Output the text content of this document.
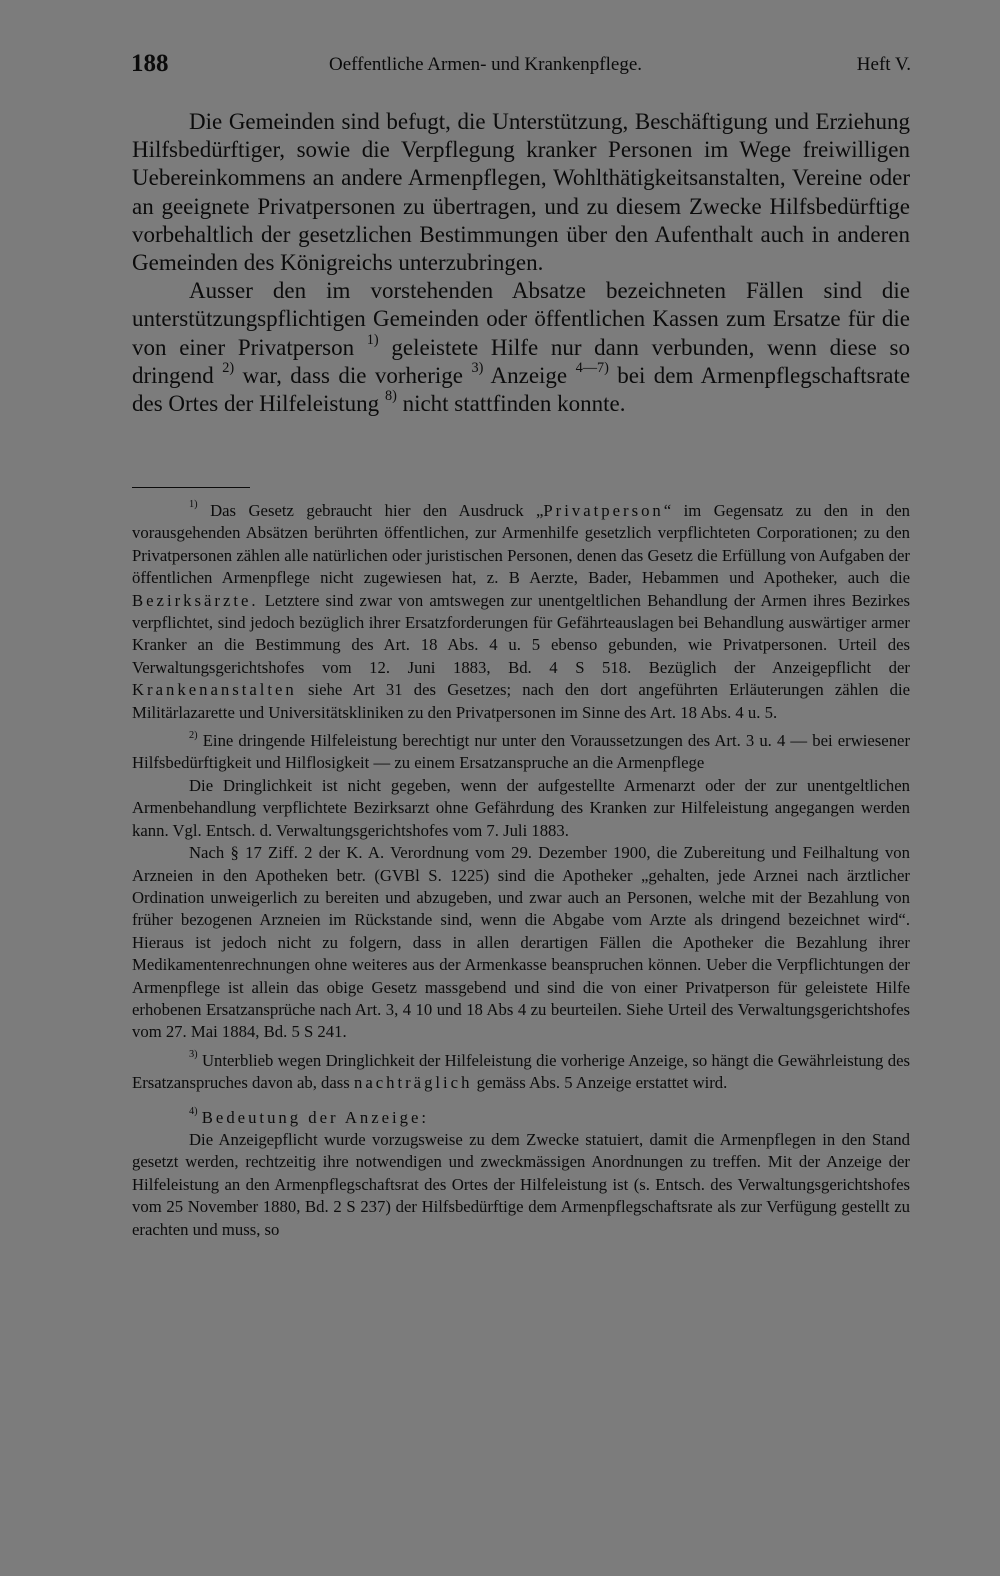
188	Oeffentliche Armen- und Krankenpflege.	Heft V.

Die Gemeinden sind befugt, die Unterstützung, Beschäftigung und Erziehung Hilfsbedürftiger, sowie die Verpflegung kranker Personen im Wege freiwilligen Uebereinkommens an andere Armenpflegen, Wohlthätigkeitsanstalten, Vereine oder an geeignete Privatpersonen zu übertragen, und zu diesem Zwecke Hilfsbedürftige vorbehaltlich der gesetzlichen Bestimmungen über den Aufenthalt auch in anderen Gemeinden des Königreichs unterzubringen.

Ausser den im vorstehenden Absatze bezeichneten Fällen sind die unterstützungspflichtigen Gemeinden oder öffentlichen Kassen zum Ersatze für die von einer Privatperson $^{1)}$ geleistete Hilfe nur dann verbunden, wenn diese so dringend $^{2)}$ war, dass die vorherige $^{3)}$ Anzeige $^{4—7)}$ bei dem Armenpflegschaftsrate des Ortes der Hilfeleistung $^{8)}$ nicht stattfinden konnte.

$^{1)}$ Das Gesetz gebraucht hier den Ausdruck „Privatperson“ im Gegensatz zu den in den vorausgehenden Absätzen berührten öffentlichen, zur Armenhilfe gesetzlich verpflichteten Corporationen; zu den Privatpersonen zählen alle natürlichen oder juristischen Personen, denen das Gesetz die Erfüllung von Aufgaben der öffentlichen Armenpflege nicht zugewiesen hat, z. B Aerzte, Bader, Hebammen und Apotheker, auch die Bezirksärzte. Letztere sind zwar von amtswegen zur unentgeltlichen Behandlung der Armen ihres Bezirkes verpflichtet, sind jedoch bezüglich ihrer Ersatzforderungen für Gefährteauslagen bei Behandlung auswärtiger armer Kranker an die Bestimmung des Art. 18 Abs. 4 u. 5 ebenso gebunden, wie Privatpersonen. Urteil des Verwaltungsgerichtshofes vom 12. Juni 1883, Bd. 4 S 518. Bezüglich der Anzeigepflicht der Krankenanstalten siehe Art 31 des Gesetzes; nach den dort angeführten Erläuterungen zählen die Militärlazarette und Universitätskliniken zu den Privatpersonen im Sinne des Art. 18 Abs. 4 u. 5.

$^{2)}$ Eine dringende Hilfeleistung berechtigt nur unter den Voraussetzungen des Art. 3 u. 4 — bei erwiesener Hilfsbedürftigkeit und Hilflosigkeit — zu einem Ersatzanspruche an die Armenpflege

Die Dringlichkeit ist nicht gegeben, wenn der aufgestellte Armenarzt oder der zur unentgeltlichen Armenbehandlung verpflichtete Bezirksarzt ohne Gefährdung des Kranken zur Hilfeleistung angegangen werden kann. Vgl. Entsch. d. Verwaltungsgerichtshofes vom 7. Juli 1883.

Nach § 17 Ziff. 2 der K. A. Verordnung vom 29. Dezember 1900, die Zubereitung und Feilhaltung von Arzneien in den Apotheken betr. (GVBl S. 1225) sind die Apotheker „gehalten, jede Arznei nach ärztlicher Ordination unweigerlich zu bereiten und abzugeben, und zwar auch an Personen, welche mit der Bezahlung von früher bezogenen Arzneien im Rückstande sind, wenn die Abgabe vom Arzte als dringend bezeichnet wird“. Hieraus ist jedoch nicht zu folgern, dass in allen derartigen Fällen die Apotheker die Bezahlung ihrer Medikamentenrechnungen ohne weiteres aus der Armenkasse beanspruchen können. Ueber die Verpflichtungen der Armenpflege ist allein das obige Gesetz massgebend und sind die von einer Privatperson für geleistete Hilfe erhobenen Ersatzansprüche nach Art. 3, 4 10 und 18 Abs 4 zu beurteilen. Siehe Urteil des Verwaltungsgerichtshofes vom 27. Mai 1884, Bd. 5 S 241.

$^{3)}$ Unterblieb wegen Dringlichkeit der Hilfeleistung die vorherige Anzeige, so hängt die Gewährleistung des Ersatzanspruches davon ab, dass nachträglich gemäss Abs. 5 Anzeige erstattet wird.

$^{4)}$ Bedeutung der Anzeige:

Die Anzeigepflicht wurde vorzugsweise zu dem Zwecke statuiert, damit die Armenpflegen in den Stand gesetzt werden, rechtzeitig ihre notwendigen und zweckmässigen Anordnungen zu treffen. Mit der Anzeige der Hilfeleistung an den Armenpflegschaftsrat des Ortes der Hilfeleistung ist (s. Entsch. des Verwaltungsgerichtshofes vom 25 November 1880, Bd. 2 S 237) der Hilfsbedürftige dem Armenpflegschaftsrate als zur Verfügung gestellt zu erachten und muss, so
